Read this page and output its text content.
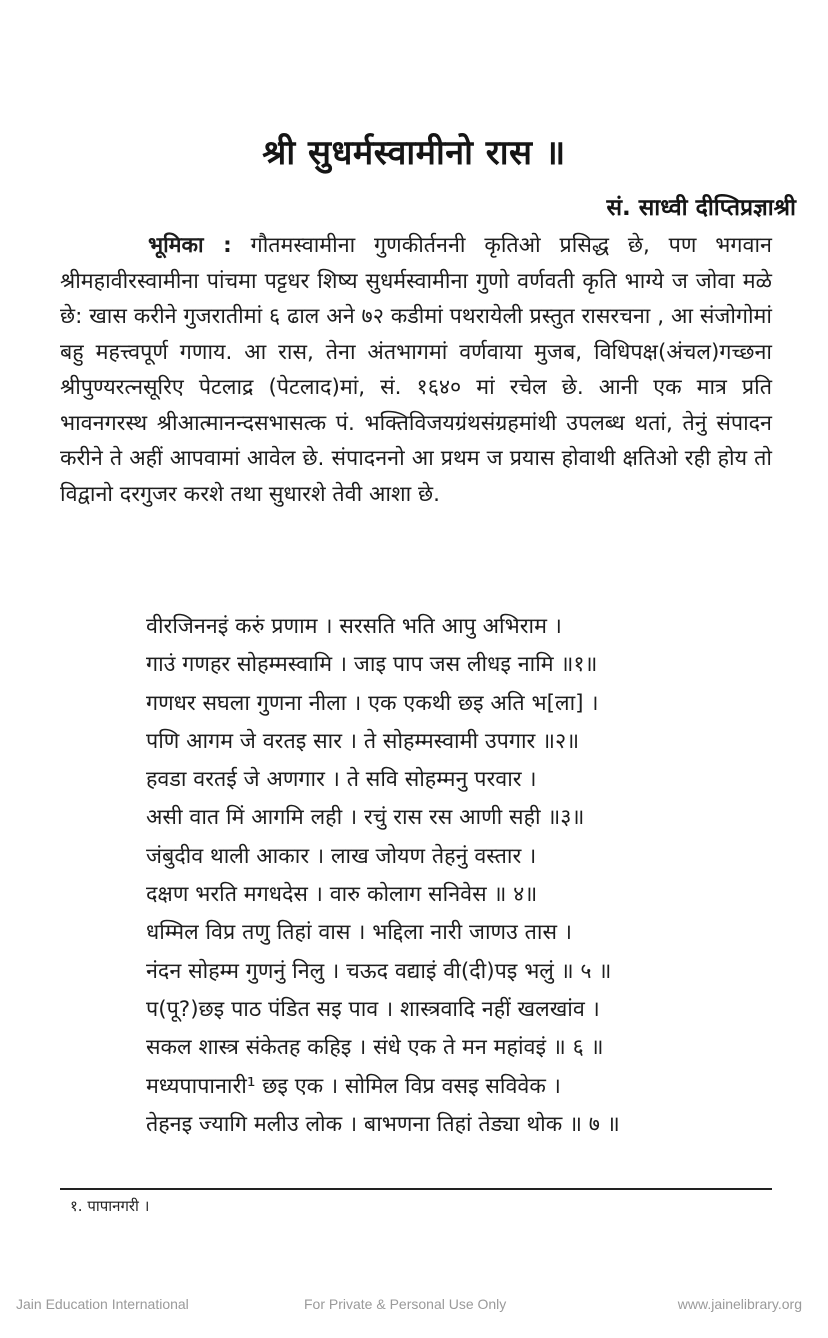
श्री सुधर्मस्वामीनो रास ॥
सं. साध्वी दीप्तिप्रज्ञाश्री
भूमिका : गौतमस्वामीना गुणकीर्तननी कृतिओ प्रसिद्ध छे, पण भगवान श्रीमहावीरस्वामीना पांचमा पट्टधर शिष्य सुधर्मस्वामीना गुणो वर्णवती कृति भाग्ये ज जोवा मळे छे: खास करीने गुजरातीमां ६ ढाल अने ७२ कडीमां पथरायेली प्रस्तुत रासरचना , आ संजोगोमां बहु महत्त्वपूर्ण गणाय. आ रास, तेना अंतभागमां वर्णवाया मुजब, विधिपक्ष(अंचल)गच्छना श्रीपुण्यरत्नसूरिए पेटलाद्र (पेटलाद)मां, सं. १६४० मां रचेल छे. आनी एक मात्र प्रति भावनगरस्थ श्रीआत्मानन्दसभासत्क पं. भक्तिविजयग्रंथसंग्रहमांथी उपलब्ध थतां, तेनुं संपादन करीने ते अहीं आपवामां आवेल छे. संपादननो आ प्रथम ज प्रयास होवाथी क्षतिओ रही होय तो विद्वानो दरगुजर करशे तथा सुधारशे तेवी आशा छे.
वीरजिननइं करुं प्रणाम । सरसति भति आपु अभिराम ।
गाउं गणहर सोहम्मस्वामि । जाइ पाप जस लीधइ नामि ॥१॥
गणधर सघला गुणना नीला । एक एकथी छइ अति भ[ला] ।
पणि आगम जे वरतइ सार । ते सोहम्मस्वामी उपगार ॥२॥
हवडा वरतई जे अणगार । ते सवि सोहम्मनु परवार ।
असी वात मिं आगमि लही । रचुं रास रस आणी सही ॥३॥
जंबुदीव थाली आकार । लाख जोयण तेहनुं वस्तार ।
दक्षण भरति मगधदेस । वारु कोलाग सनिवेस ॥ ४॥
धम्मिल विप्र तणु तिहां वास । भद्दिला नारी जाणउ तास ।
नंदन सोहम्म गुणनुं निलु । चऊद वद्याइं वी(दी)पइ भलुं ॥ ५ ॥
प(पू?)छइ पाठ पंडित सइ पाव । शास्त्रवादि नहीं खलखांव ।
सकल शास्त्र संकेतह कहिइ । संधे एक ते मन महांवइं ॥ ६ ॥
मध्यपापानारी¹ छइ एक । सोमिल विप्र वसइ सविवेक ।
तेहनइ ज्यागि मलीउ लोक । बाभणना तिहां तेड्या थोक ॥ ७ ॥
१. पापानगरी ।
Jain Education International	For Private & Personal Use Only	www.jainelibrary.org
